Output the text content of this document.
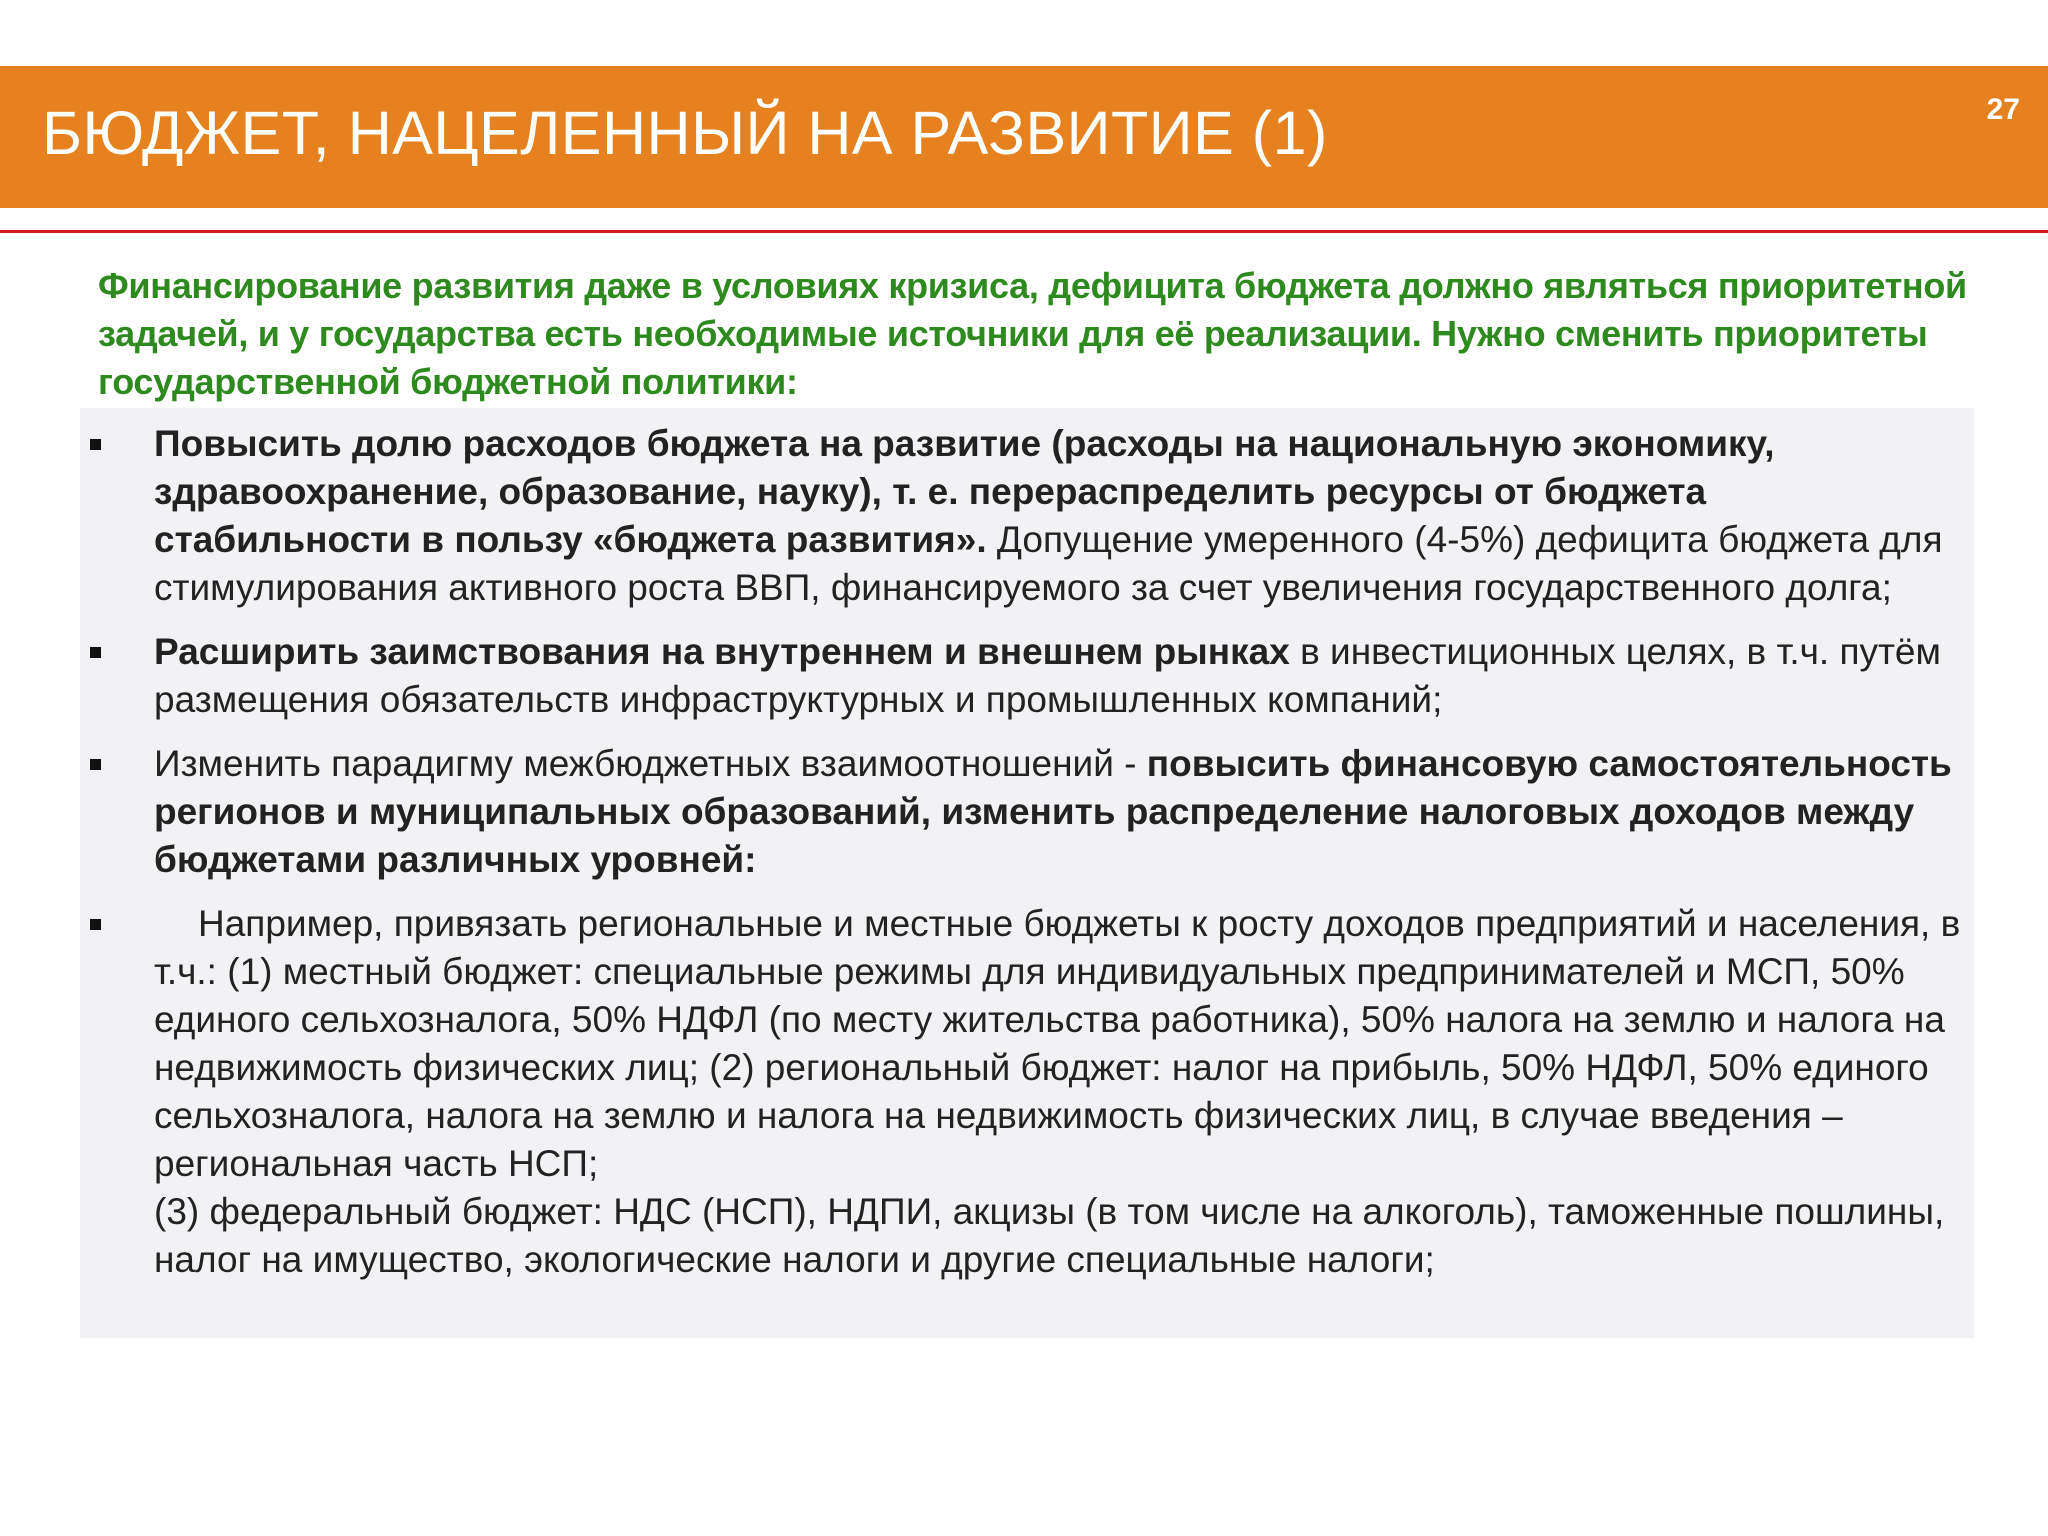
БЮДЖЕТ, НАЦЕЛЕННЫЙ НА РАЗВИТИЕ (1)	27

Финансирование развития даже в условиях кризиса, дефицита бюджета должно являться приоритетной задачей, и у государства есть необходимые источники для её реализации. Нужно сменить приоритеты государственной бюджетной политики:

Повысить долю расходов бюджета на развитие (расходы на национальную экономику, здравоохранение, образование, науку), т. е. перераспределить ресурсы от бюджета стабильности в пользу «бюджета развития». Допущение умеренного (4-5%) дефицита бюджета для стимулирования активного роста ВВП, финансируемого за счет увеличения государственного долга;
Расширить заимствования на внутреннем и внешнем рынках в инвестиционных целях, в т.ч. путём размещения обязательств инфраструктурных и промышленных компаний;
Изменить парадигму межбюджетных взаимоотношений - повысить финансовую самостоятельность регионов и муниципальных образований, изменить распределение налоговых доходов между бюджетами различных уровней:
Например, привязать региональные и местные бюджеты к росту доходов предприятий и населения, в т.ч.: (1) местный бюджет: специальные режимы для индивидуальных предпринимателей и МСП, 50% единого сельхозналога, 50% НДФЛ (по месту жительства работника), 50% налога на землю и налога на недвижимость физических лиц; (2) региональный бюджет: налог на прибыль, 50% НДФЛ, 50% единого сельхозналога, налога на землю и налога на недвижимость физических лиц, в случае введения – региональная часть НСП;
(3) федеральный бюджет: НДС (НСП), НДПИ, акцизы (в том числе на алкоголь), таможенные пошлины, налог на имущество, экологические налоги и другие специальные налоги;
